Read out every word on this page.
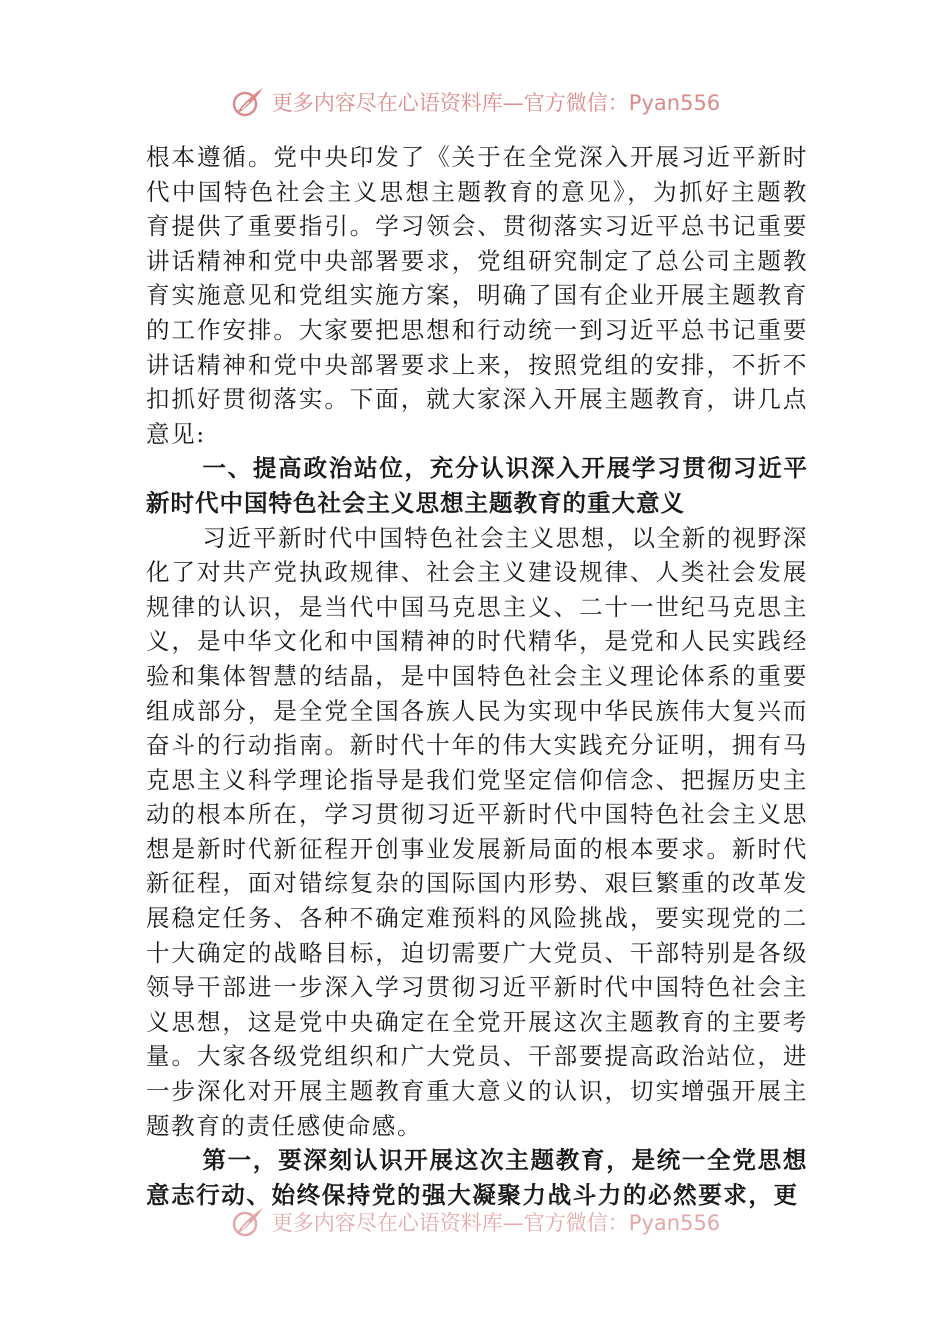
更多内容尽在心语资料库—官方微信：Pyan556

根本遵循。党中央印发了《关于在全党深入开展习近平新时代中国特色社会主义思想主题教育的意见》，为抓好主题教育提供了重要指引。学习领会、贯彻落实习近平总书记重要讲话精神和党中央部署要求，党组研究制定了总公司主题教育实施意见和党组实施方案，明确了国有企业开展主题教育的工作安排。大家要把思想和行动统一到习近平总书记重要讲话精神和党中央部署要求上来，按照党组的安排，不折不扣抓好贯彻落实。下面，就大家深入开展主题教育，讲几点意见:

一、提高政治站位，充分认识深入开展学习贯彻习近平新时代中国特色社会主义思想主题教育的重大意义

习近平新时代中国特色社会主义思想，以全新的视野深化了对共产党执政规律、社会主义建设规律、人类社会发展规律的认识，是当代中国马克思主义、二十一世纪马克思主义，是中华文化和中国精神的时代精华，是党和人民实践经验和集体智慧的结晶，是中国特色社会主义理论体系的重要组成部分，是全党全国各族人民为实现中华民族伟大复兴而奋斗的行动指南。新时代十年的伟大实践充分证明，拥有马克思主义科学理论指导是我们党坚定信仰信念、把握历史主动的根本所在，学习贯彻习近平新时代中国特色社会主义思想是新时代新征程开创事业发展新局面的根本要求。新时代新征程，面对错综复杂的国际国内形势、艰巨繁重的改革发展稳定任务、各种不确定难预料的风险挑战，要实现党的二十大确定的战略目标，迫切需要广大党员、干部特别是各级领导干部进一步深入学习贯彻习近平新时代中国特色社会主义思想，这是党中央确定在全党开展这次主题教育的主要考量。大家各级党组织和广大党员、干部要提高政治站位，进一步深化对开展主题教育重大意义的认识，切实增强开展主题教育的责任感使命感。

第一，要深刻认识开展这次主题教育，是统一全党思想意志行动、始终保持党的强大凝聚力战斗力的必然要求，更

更多内容尽在心语资料库—官方微信：Pyan556
